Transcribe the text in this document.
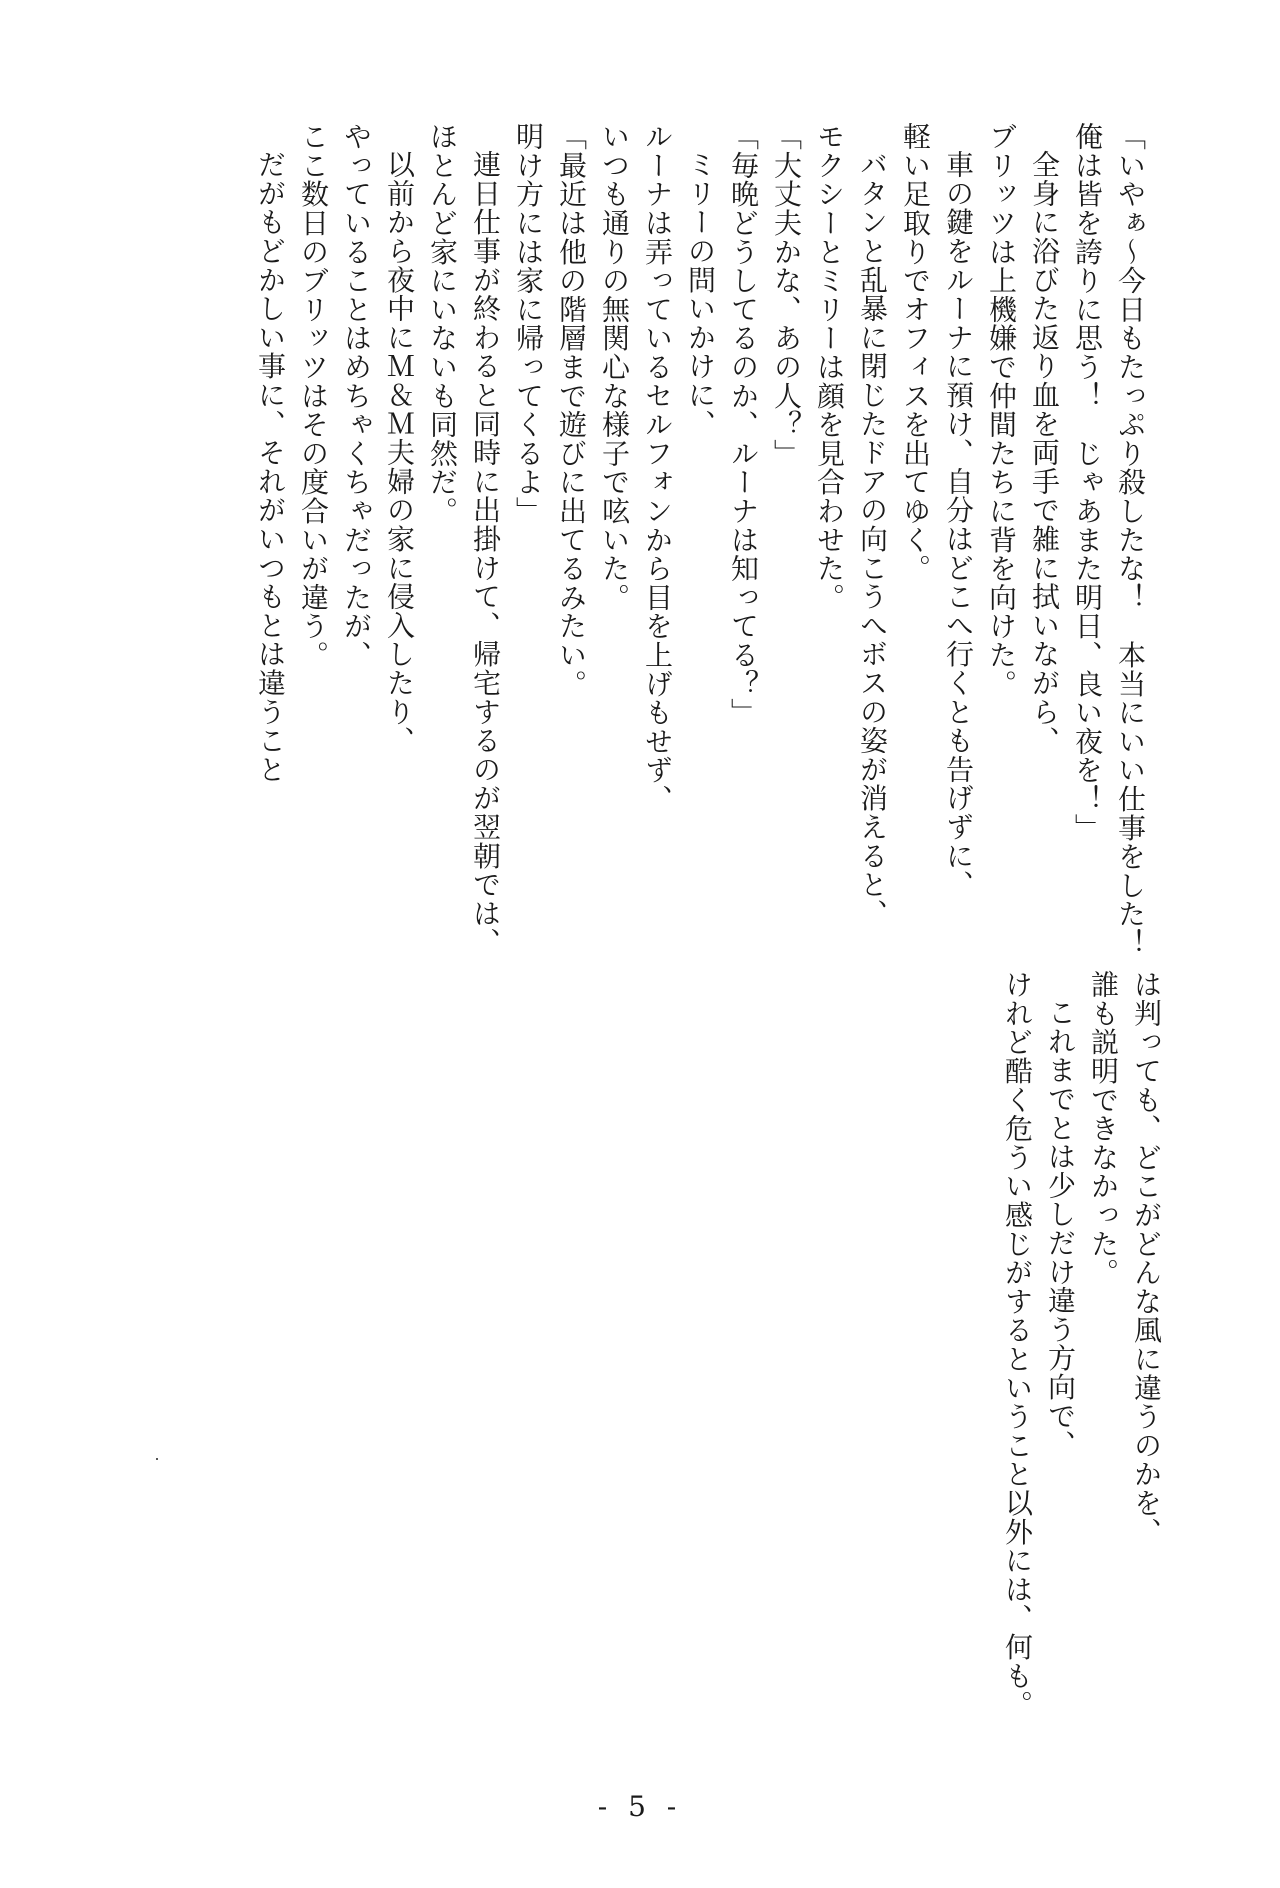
「いやぁ～今日もたっぷり殺したな！　本当にいい仕事をした！　俺は皆を誇りに思う！　じゃあまた明日、良い夜を！」

全身に浴びた返り血を両手で雑に拭いながら、ブリッツは上機嫌で仲間たちに背を向けた。

車の鍵をルーナに預け、自分はどこへ行くとも告げずに、軽い足取りでオフィスを出てゆく。

バタンと乱暴に閉じたドアの向こうへボスの姿が消えると、モクシーとミリーは顔を見合わせた。

「大丈夫かな、あの人？」

「毎晩どうしてるのか、ルーナは知ってる？」

ミリーの問いかけに、ルーナは弄っているセルフォンから目を上げもせず、いつも通りの無関心な様子で呟いた。

「最近は他の階層まで遊びに出てるみたい。明け方には家に帰ってくるよ」

連日仕事が終わると同時に出掛けて、帰宅するのが翌朝では、ほとんど家にいないも同然だ。

以前から夜中にＭ＆Ｍ夫婦の家に侵入したり、やっていることはめちゃくちゃだったが、ここ数日のブリッツはその度合いが違う。

だがもどかしい事に、それがいつもとは違うこと

は判っても、どこがどんな風に違うのかを、誰も説明できなかった。

これまでとは少しだけ違う方向で、けれど酷く危うい感じがするということ以外には、何も。

- 5 -
